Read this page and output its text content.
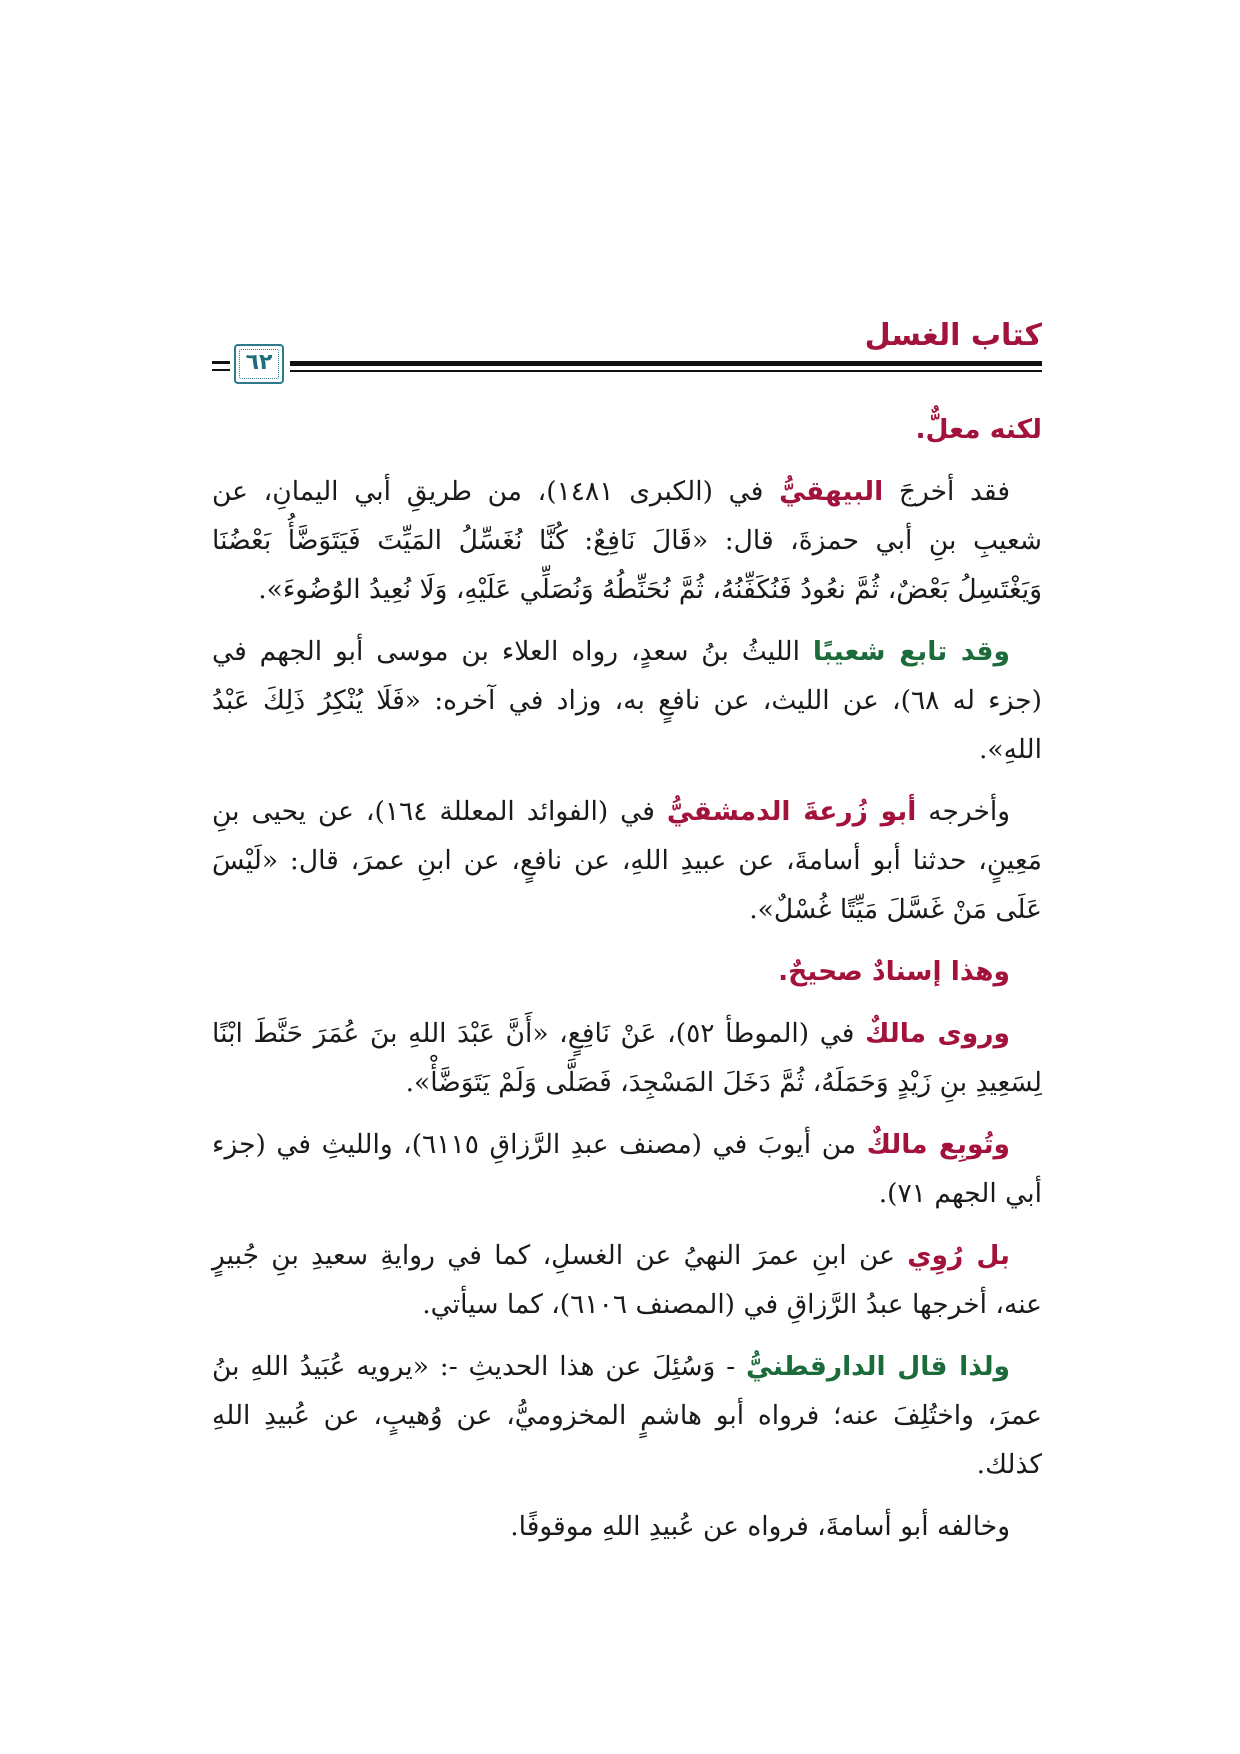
كتاب الغسل
٦٢

لكنه معلٌّ.

فقد أخرجَ البيهقيُّ في (الكبرى ١٤٨١)، من طريقِ أبي اليمانِ، عن شعيبِ بنِ أبي حمزةَ، قال: «قَالَ نَافِعٌ: كُنَّا نُغَسِّلُ المَيِّتَ فَيَتَوَضَّأُ بَعْضُنَا وَيَغْتَسِلُ بَعْضٌ، ثُمَّ نعُودُ فَنُكَفِّنُهُ، ثُمَّ نُحَنِّطُهُ وَنُصَلِّي عَلَيْهِ، وَلَا نُعِيدُ الوُضُوءَ».

وقد تابع شعيبًا الليثُ بنُ سعدٍ، رواه العلاء بن موسى أبو الجهم في (جزء له ٦٨)، عن الليث، عن نافعٍ به، وزاد في آخره: «فَلَا يُنْكِرُ ذَلِكَ عَبْدُ اللهِ».

وأخرجه أبو زُرعةَ الدمشقيُّ في (الفوائد المعللة ١٦٤)، عن يحيى بنِ مَعِينٍ، حدثنا أبو أسامةَ، عن عبيدِ اللهِ، عن نافعٍ، عن ابنِ عمرَ، قال: «لَيْسَ عَلَى مَنْ غَسَّلَ مَيِّتًا غُسْلٌ».

وهذا إسنادٌ صحيحٌ.

وروى مالكٌ في (الموطأ ٥٢)، عَنْ نَافِعٍ، «أَنَّ عَبْدَ اللهِ بنَ عُمَرَ حَنَّطَ ابْنًا لِسَعِيدِ بنِ زَيْدٍ وَحَمَلَهُ، ثُمَّ دَخَلَ المَسْجِدَ، فَصَلَّى وَلَمْ يَتَوَضَّأْ».

وتُوبِع مالكٌ من أيوبَ في (مصنف عبدِ الرَّزاقِ ٦١١٥)، والليثِ في (جزء أبي الجهم ٧١).

بل رُوِي عن ابنِ عمرَ النهيُ عن الغسلِ، كما في روايةِ سعيدِ بنِ جُبيرٍ عنه، أخرجها عبدُ الرَّزاقِ في (المصنف ٦١٠٦)، كما سيأتي.

ولذا قال الدارقطنيُّ - وَسُئِلَ عن هذا الحديثِ -: «يرويه عُبَيدُ اللهِ بنُ عمرَ، واختُلِفَ عنه؛ فرواه أبو هاشمٍ المخزوميُّ، عن وُهيبٍ، عن عُبيدِ اللهِ كذلك.

وخالفه أبو أسامةَ، فرواه عن عُبيدِ اللهِ موقوفًا.
